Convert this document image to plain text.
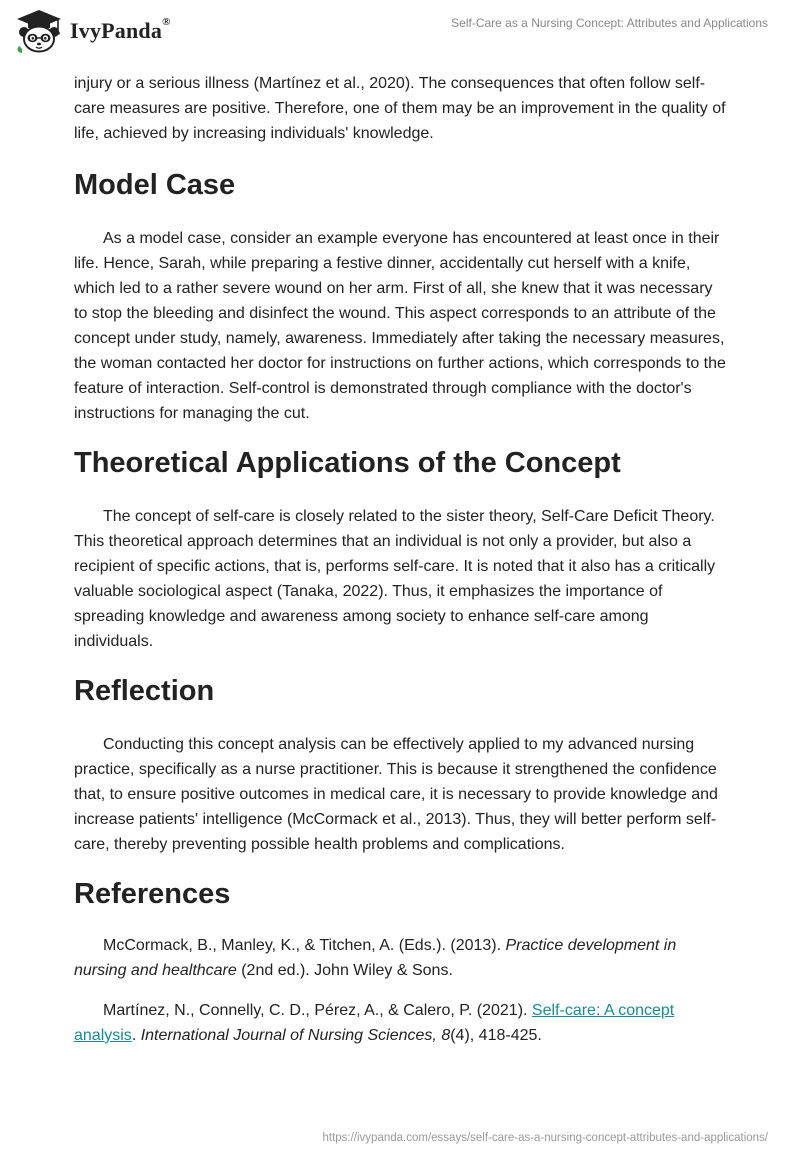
IvyPanda®	Self-Care as a Nursing Concept: Attributes and Applications

injury or a serious illness (Martínez et al., 2020). The consequences that often follow self-care measures are positive. Therefore, one of them may be an improvement in the quality of life, achieved by increasing individuals' knowledge.

Model Case

As a model case, consider an example everyone has encountered at least once in their life. Hence, Sarah, while preparing a festive dinner, accidentally cut herself with a knife, which led to a rather severe wound on her arm. First of all, she knew that it was necessary to stop the bleeding and disinfect the wound. This aspect corresponds to an attribute of the concept under study, namely, awareness. Immediately after taking the necessary measures, the woman contacted her doctor for instructions on further actions, which corresponds to the feature of interaction. Self-control is demonstrated through compliance with the doctor's instructions for managing the cut.

Theoretical Applications of the Concept

The concept of self-care is closely related to the sister theory, Self-Care Deficit Theory. This theoretical approach determines that an individual is not only a provider, but also a recipient of specific actions, that is, performs self-care. It is noted that it also has a critically valuable sociological aspect (Tanaka, 2022). Thus, it emphasizes the importance of spreading knowledge and awareness among society to enhance self-care among individuals.

Reflection

Conducting this concept analysis can be effectively applied to my advanced nursing practice, specifically as a nurse practitioner. This is because it strengthened the confidence that, to ensure positive outcomes in medical care, it is necessary to provide knowledge and increase patients' intelligence (McCormack et al., 2013). Thus, they will better perform self-care, thereby preventing possible health problems and complications.

References

McCormack, B., Manley, K., & Titchen, A. (Eds.). (2013). Practice development in nursing and healthcare (2nd ed.). John Wiley & Sons.

Martínez, N., Connelly, C. D., Pérez, A., & Calero, P. (2021). Self-care: A concept analysis. International Journal of Nursing Sciences, 8(4), 418-425.

https://ivypanda.com/essays/self-care-as-a-nursing-concept-attributes-and-applications/
